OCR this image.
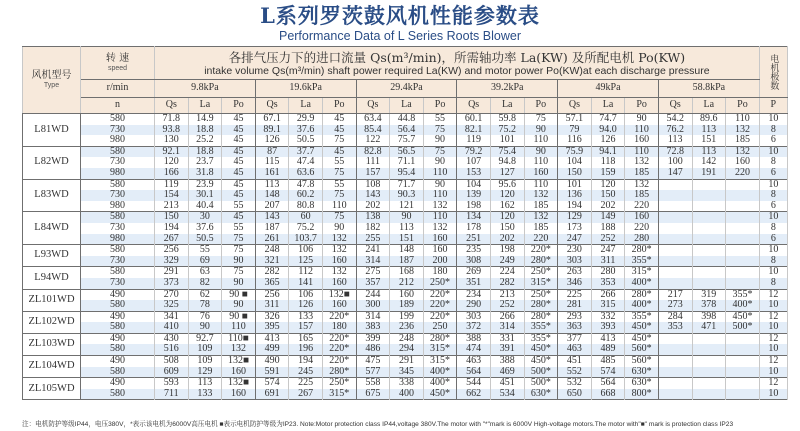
L系列罗茨鼓风机性能参数表
Performance Data of L Series Roots Blower
风机型号
Type

转 速
speed

各排气压力下的进口流量 Qs(m³/min)，所需轴功率 La(KW) 及所配电机 Po(KW)
intake volume Qs(m³/min) shaft power required La(KW) and motor power Po(KW)at each discharge pressure	电机极数

	r/min	9.8kPa			19.6kPa			29.4kPa			39.2kPa			49kPa			58.8kPa			
	n	Qs	La	Po	Qs	La	Po	Qs	La	Po	Qs	La	Po	Qs	La	Po	Qs	La	Po	P
L81WD	580	71.8	14.9	45	67.1	29.9	45	63.4	44.8	55	60.1	59.8	75	57.1	74.7	90	54.2	89.6	110	10
	730	93.8	18.8	45	89.1	37.6	45	85.4	56.4	75	82.1	75.2	90	79	94.0	110	76.2	113	132	8
	980	130	25.2	45	126	50.5	75	122	75.7	90	119	101	110	116	126	160	113	151	185	6
L82WD	580	92.1	18.8	45	87	37.7	45	82.8	56.5	75	79.2	75.4	90	75.9	94.1	110	72.8	113	132	10
	730	120	23.7	45	115	47.4	55	111	71.1	90	107	94.8	110	104	118	132	100	142	160	8
	980	166	31.8	45	161	63.6	75	157	95.4	110	153	127	160	150	159	185	147	191	220	6
L83WD	580	119	23.9	45	113	47.8	55	108	71.7	90	104	95.6	110	101	120	132				10
	730	154	30.1	45	148	60.2	75	143	90.3	110	139	120	132	136	150	185				8
	980	213	40.4	55	207	80.8	110	202	121	132	198	162	185	194	202	220				6
L84WD	580	150	30	45	143	60	75	138	90	110	134	120	132	129	149	160				10
	730	194	37.6	55	187	75.2	90	182	113	132	178	150	185	173	188	220				8
	980	267	50.5	75	261	103.7	132	255	151	160	251	202	220	247	252	280				6
L93WD	580	256	55	75	248	106	132	241	148	160	235	198	220*	230	247	280*				10
	730	329	69	90	321	125	160	314	187	200	308	249	280*	303	311	355*				8
L94WD	580	291	63	75	282	112	132	275	168	180	269	224	250*	263	280	315*				10
	730	373	82	90	365	141	160	357	212	250*	351	282	315*	346	353	400*				8
ZL101WD	490	270	62	90 ■	256	106	132■	244	160	220*	234	213	250*	225	266	280*	217	319	355*	12
	580	325	78	90	311	126	160	300	189	220*	290	252	280*	281	315	400*	273	378	400*	10
ZL102WD	490	341	76	90 ■	326	133	220*	314	199	220*	303	266	280*	293	332	355*	284	398	450*	12
	580	410	90	110	395	157	180	383	236	250	372	314	355*	363	393	450*	353	471	500*	10
ZL103WD	490	430	92.7	110■	413	165	220*	399	248	280*	388	331	355*	377	413	450*				12
	580	516	109	132	499	196	220*	486	294	315*	474	391	450*	463	489	560*				10
ZL104WD	490	508	109	132■	490	194	220*	475	291	315*	463	388	450*	451	485	560*				12
	580	609	129	160	591	245	280*	577	345	400*	564	469	500*	552	574	630*				10
ZL105WD	490	593	113	132■	574	225	250*	558	338	400*	544	451	500*	532	564	630*				12
	580	711	133	160	691	267	315*	675	400	450*	662	534	630*	650	668	800*				10
注：电机防护等级IP44，电压380V，*表示该电机为6000V高压电机 ■表示电机防护等级为IP23. Note:Motor protection class IP44,voltage 380V.The motor with "*"mark is 6000V High-voltage motors.The motor with"■" mark is protection class IP23
